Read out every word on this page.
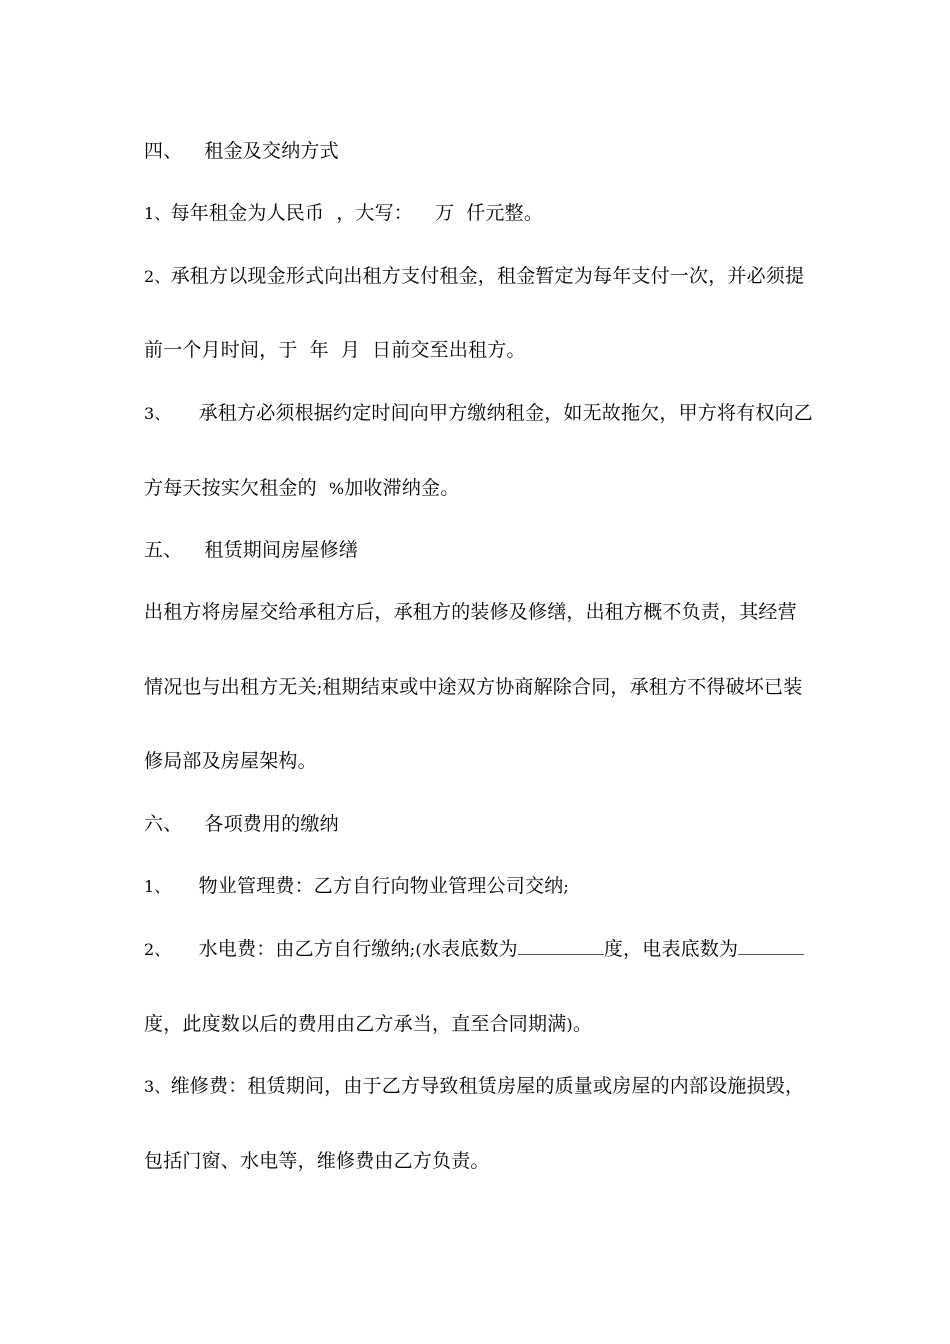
四、 租金及交纳方式
1、每年租金为人民币 ，大写： 万 仟元整。
2、承租方以现金形式向出租方支付租金，租金暂定为每年支付一次，并必须提
前一个月时间，于 年 月 日前交至出租方。
3、 承租方必须根据约定时间向甲方缴纳租金，如无故拖欠，甲方将有权向乙
方每天按实欠租金的 %加收滞纳金。
五、 租赁期间房屋修缮
出租方将房屋交给承租方后，承租方的装修及修缮，出租方概不负责，其经营
情况也与出租方无关;租期结束或中途双方协商解除合同，承租方不得破坏已装
修局部及房屋架构。
六、 各项费用的缴纳
1、 物业管理费：乙方自行向物业管理公司交纳;
2、 水电费：由乙方自行缴纳;(水表底数为	度，电表底数为
度，此度数以后的费用由乙方承当，直至合同期满)。
3、维修费：租赁期间，由于乙方导致租赁房屋的质量或房屋的内部设施损毁，
包括门窗、水电等，维修费由乙方负责。
